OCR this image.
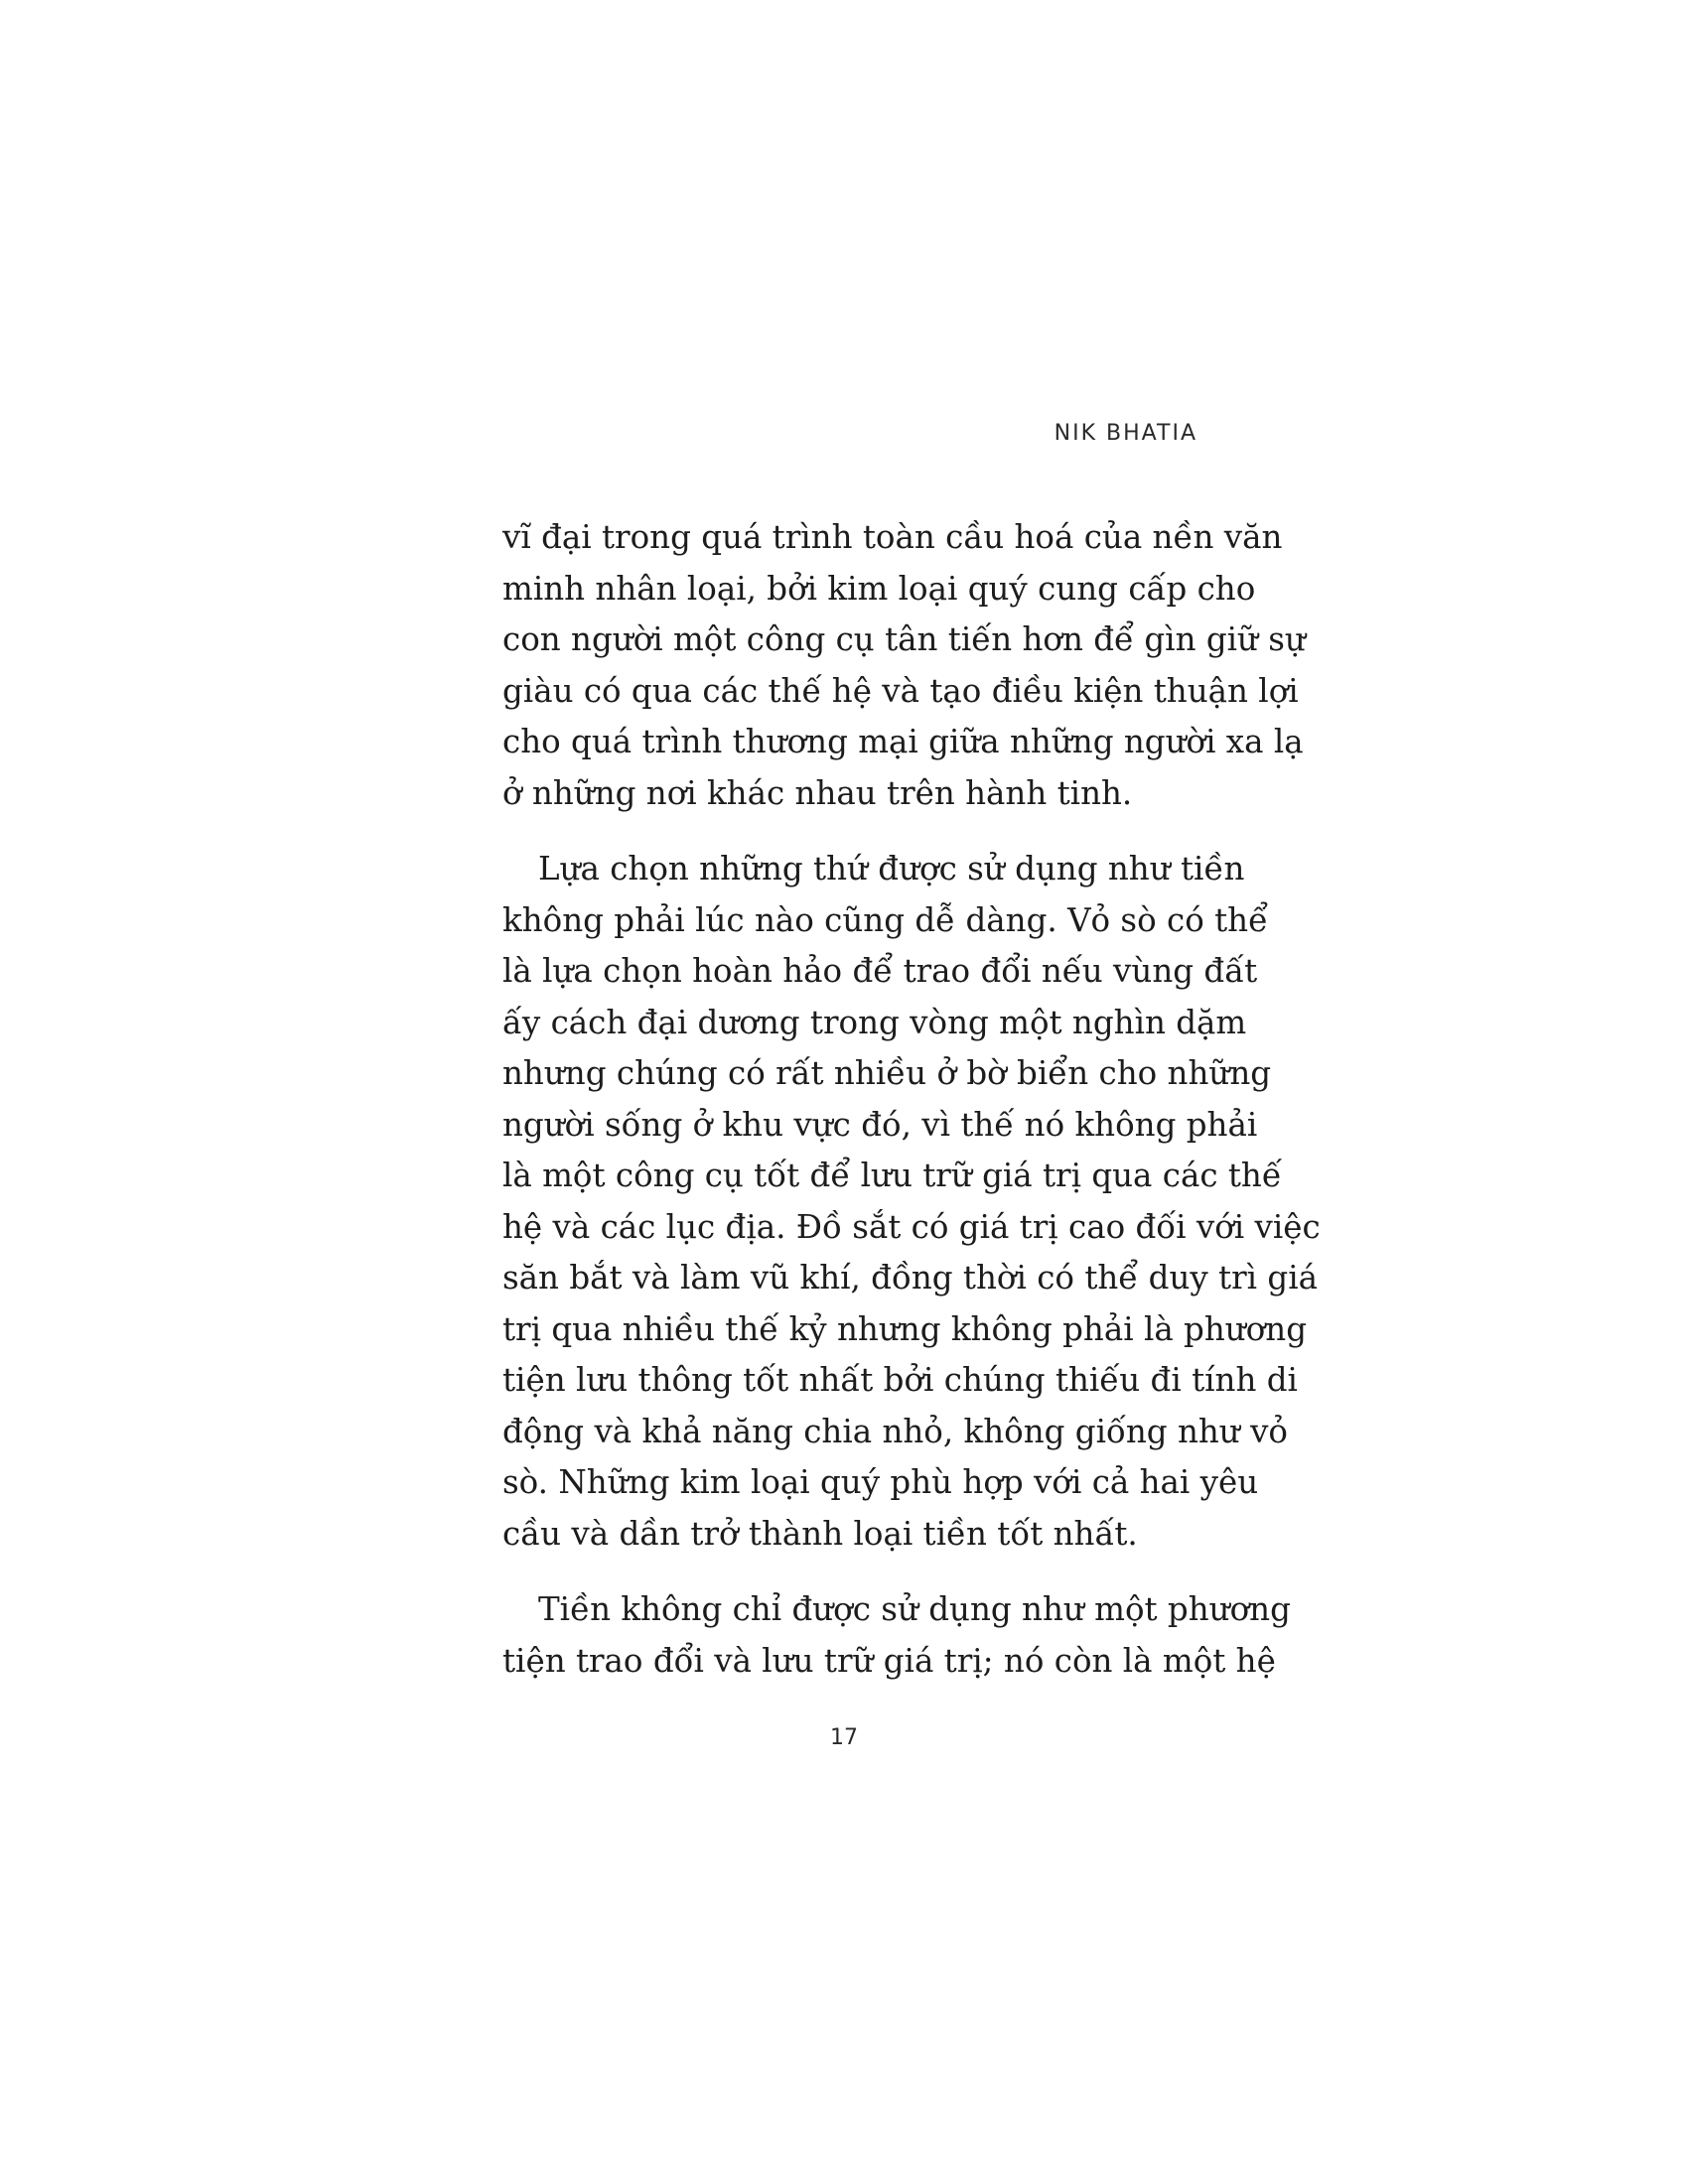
NIK BHATIA
vĩ đại trong quá trình toàn cầu hoá của nền văn
minh nhân loại, bởi kim loại quý cung cấp cho
con người một công cụ tân tiến hơn để gìn giữ sự
giàu có qua các thế hệ và tạo điều kiện thuận lợi
cho quá trình thương mại giữa những người xa lạ
ở những nơi khác nhau trên hành tinh.
Lựa chọn những thứ được sử dụng như tiền
không phải lúc nào cũng dễ dàng. Vỏ sò có thể
là lựa chọn hoàn hảo để trao đổi nếu vùng đất
ấy cách đại dương trong vòng một nghìn dặm
nhưng chúng có rất nhiều ở bờ biển cho những
người sống ở khu vực đó, vì thế nó không phải
là một công cụ tốt để lưu trữ giá trị qua các thế
hệ và các lục địa. Đồ sắt có giá trị cao đối với việc
săn bắt và làm vũ khí, đồng thời có thể duy trì giá
trị qua nhiều thế kỷ nhưng không phải là phương
tiện lưu thông tốt nhất bởi chúng thiếu đi tính di
động và khả năng chia nhỏ, không giống như vỏ
sò. Những kim loại quý phù hợp với cả hai yêu
cầu và dần trở thành loại tiền tốt nhất.
Tiền không chỉ được sử dụng như một phương
tiện trao đổi và lưu trữ giá trị; nó còn là một hệ
17
